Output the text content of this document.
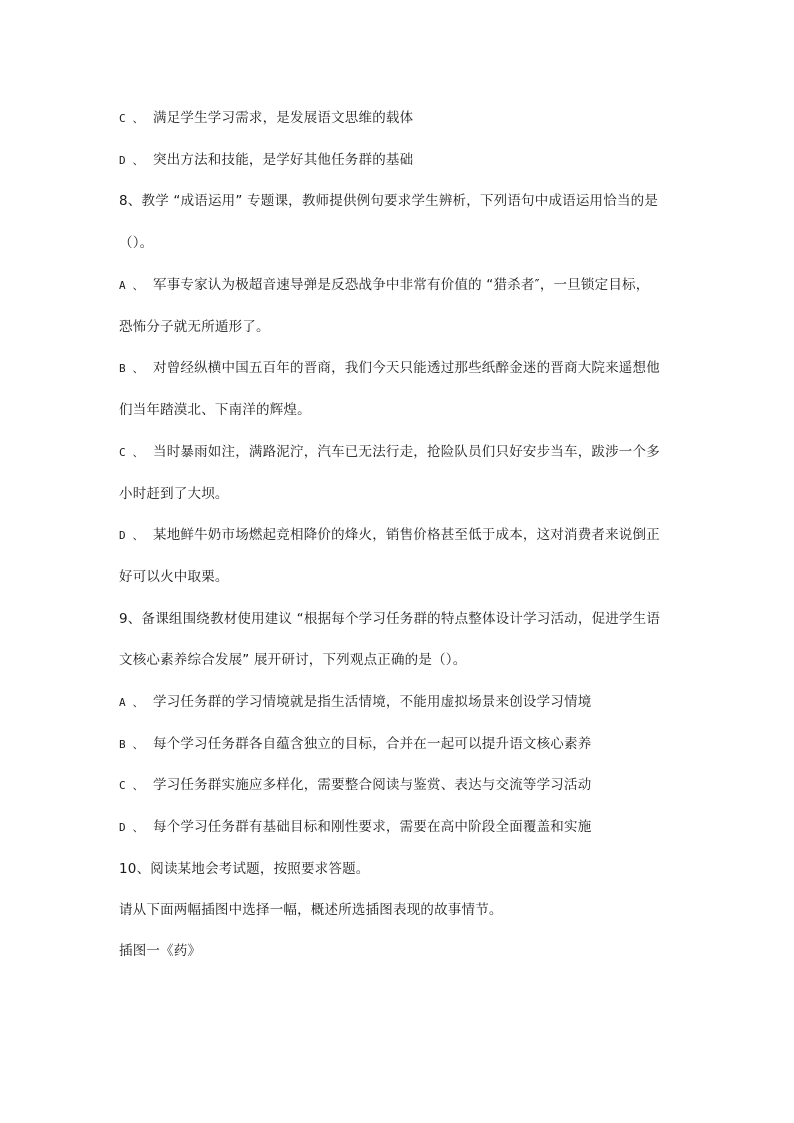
C 、 满足学生学习需求，是发展语文思维的载体
D 、 突出方法和技能，是学好其他任务群的基础
8、教学 “成语运用” 专题课，教师提供例句要求学生辨析，下列语句中成语运用恰当的是
（）。
A 、 军事专家认为极超音速导弹是反恐战争中非常有价值的 “猎杀者″，一旦锁定目标，
恐怖分子就无所遁形了。
B 、 对曾经纵横中国五百年的晋商，我们今天只能透过那些纸醉金迷的晋商大院来遥想他
们当年踏漠北、下南洋的辉煌。
C 、 当时暴雨如注，满路泥泞，汽车已无法行走，抢险队员们只好安步当车，跋涉一个多
小时赶到了大坝。
D 、 某地鲜牛奶市场燃起竞相降价的烽火，销售价格甚至低于成本，这对消费者来说倒正
好可以火中取栗。
9、备课组围绕教材使用建议 “根据每个学习任务群的特点整体设计学习活动，促进学生语
文核心素养综合发展” 展开研讨，下列观点正确的是（）。
A 、 学习任务群的学习情境就是指生活情境，不能用虚拟场景来创设学习情境
B 、 每个学习任务群各自蕴含独立的目标，合并在一起可以提升语文核心素养
C 、 学习任务群实施应多样化，需要整合阅读与鉴赏、表达与交流等学习活动
D 、 每个学习任务群有基础目标和刚性要求，需要在高中阶段全面覆盖和实施
10、阅读某地会考试题，按照要求答题。
请从下面两幅插图中选择一幅，概述所选插图表现的故事情节。
插图一《药》
